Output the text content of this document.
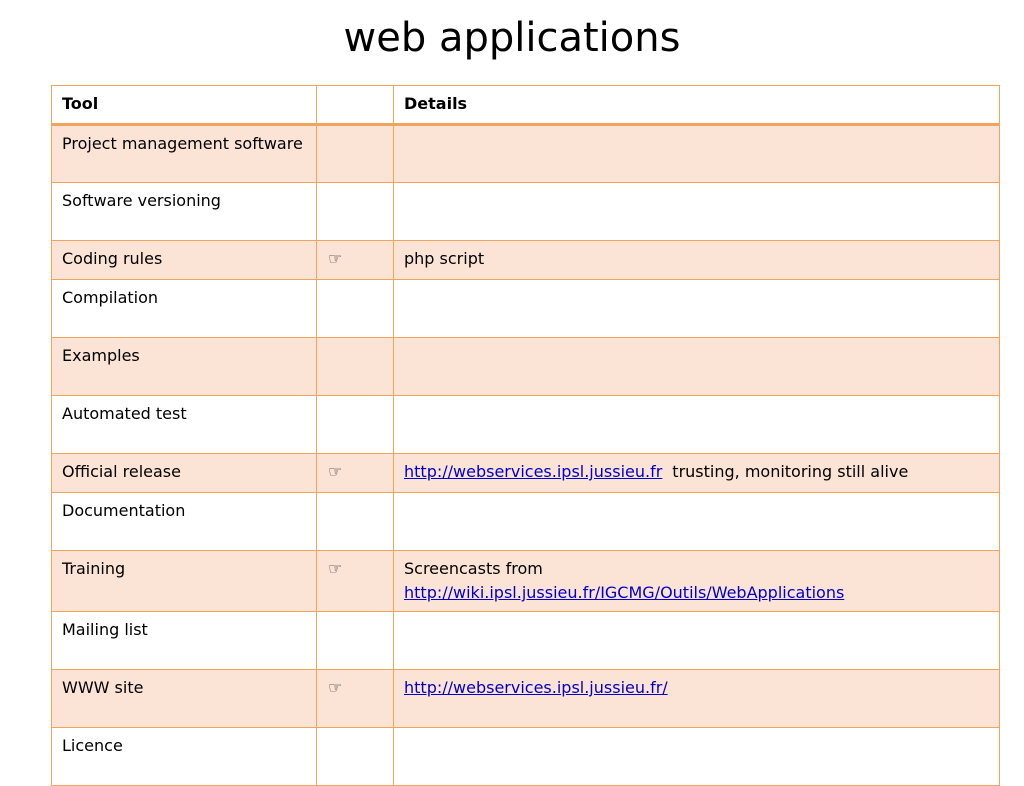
web applications
Tool		Details
Project management software		
Software versioning		
Coding rules	☞	php script
Compilation		
Examples		
Automated test		
Official release	☞	http://webservices.ipsl.jussieu.fr trusting, monitoring still alive
Documentation		
Training	☞	Screencasts from
http://wiki.ipsl.jussieu.fr/IGCMG/Outils/WebApplications
Mailing list		
WWW site	☞	http://webservices.ipsl.jussieu.fr/
Licence		
